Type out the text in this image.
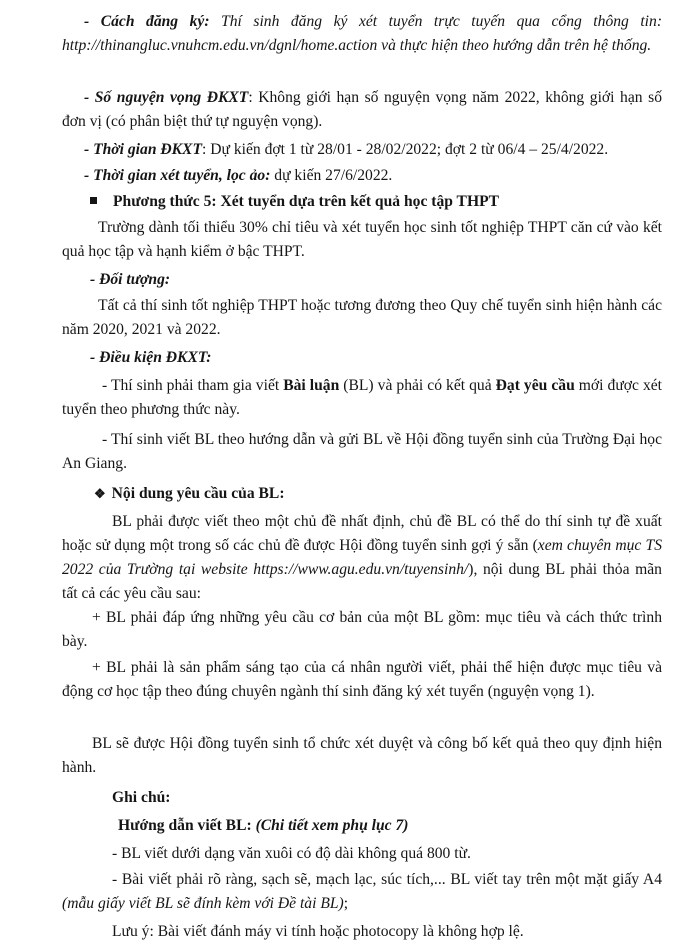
- Cách đăng ký: Thí sinh đăng ký xét tuyển trực tuyến qua cổng thông tin: http://thinangluc.vnuhcm.edu.vn/dgnl/home.action và thực hiện theo hướng dẫn trên hệ thống.

- Số nguyện vọng ĐKXT: Không giới hạn số nguyện vọng năm 2022, không giới hạn số đơn vị (có phân biệt thứ tự nguyện vọng).

- Thời gian ĐKXT: Dự kiến đợt 1 từ 28/01 - 28/02/2022; đợt 2 từ 06/4 – 25/4/2022.

- Thời gian xét tuyển, lọc ảo: dự kiến 27/6/2022.

Phương thức 5: Xét tuyển dựa trên kết quả học tập THPT

Trường dành tối thiểu 30% chỉ tiêu và xét tuyển học sinh tốt nghiệp THPT căn cứ vào kết quả học tập và hạnh kiểm ở bậc THPT.

- Đối tượng:

Tất cả thí sinh tốt nghiệp THPT hoặc tương đương theo Quy chế tuyển sinh hiện hành các năm 2020, 2021 và 2022.

- Điều kiện ĐKXT:

- Thí sinh phải tham gia viết Bài luận (BL) và phải có kết quả Đạt yêu cầu mới được xét tuyển theo phương thức này.

- Thí sinh viết BL theo hướng dẫn và gửi BL về Hội đồng tuyển sinh của Trường Đại học An Giang.

❖ Nội dung yêu cầu của BL:

BL phải được viết theo một chủ đề nhất định, chủ đề BL có thể do thí sinh tự đề xuất hoặc sử dụng một trong số các chủ đề được Hội đồng tuyển sinh gợi ý sẵn (xem chuyên mục TS 2022 của Trường tại website https://www.agu.edu.vn/tuyensinh/), nội dung BL phải thỏa mãn tất cả các yêu cầu sau:

+ BL phải đáp ứng những yêu cầu cơ bản của một BL gồm: mục tiêu và cách thức trình bày.

+ BL phải là sản phẩm sáng tạo của cá nhân người viết, phải thể hiện được mục tiêu và động cơ học tập theo đúng chuyên ngành thí sinh đăng ký xét tuyển (nguyện vọng 1).

BL sẽ được Hội đồng tuyển sinh tổ chức xét duyệt và công bố kết quả theo quy định hiện hành.

Ghi chú:

Hướng dẫn viết BL: (Chi tiết xem phụ lục 7)

- BL viết dưới dạng văn xuôi có độ dài không quá 800 từ.

- Bài viết phải rõ ràng, sạch sẽ, mạch lạc, súc tích,... BL viết tay trên một mặt giấy A4 (mẫu giấy viết BL sẽ đính kèm với Đề tài BL);

Lưu ý: Bài viết đánh máy vi tính hoặc photocopy là không hợp lệ.
